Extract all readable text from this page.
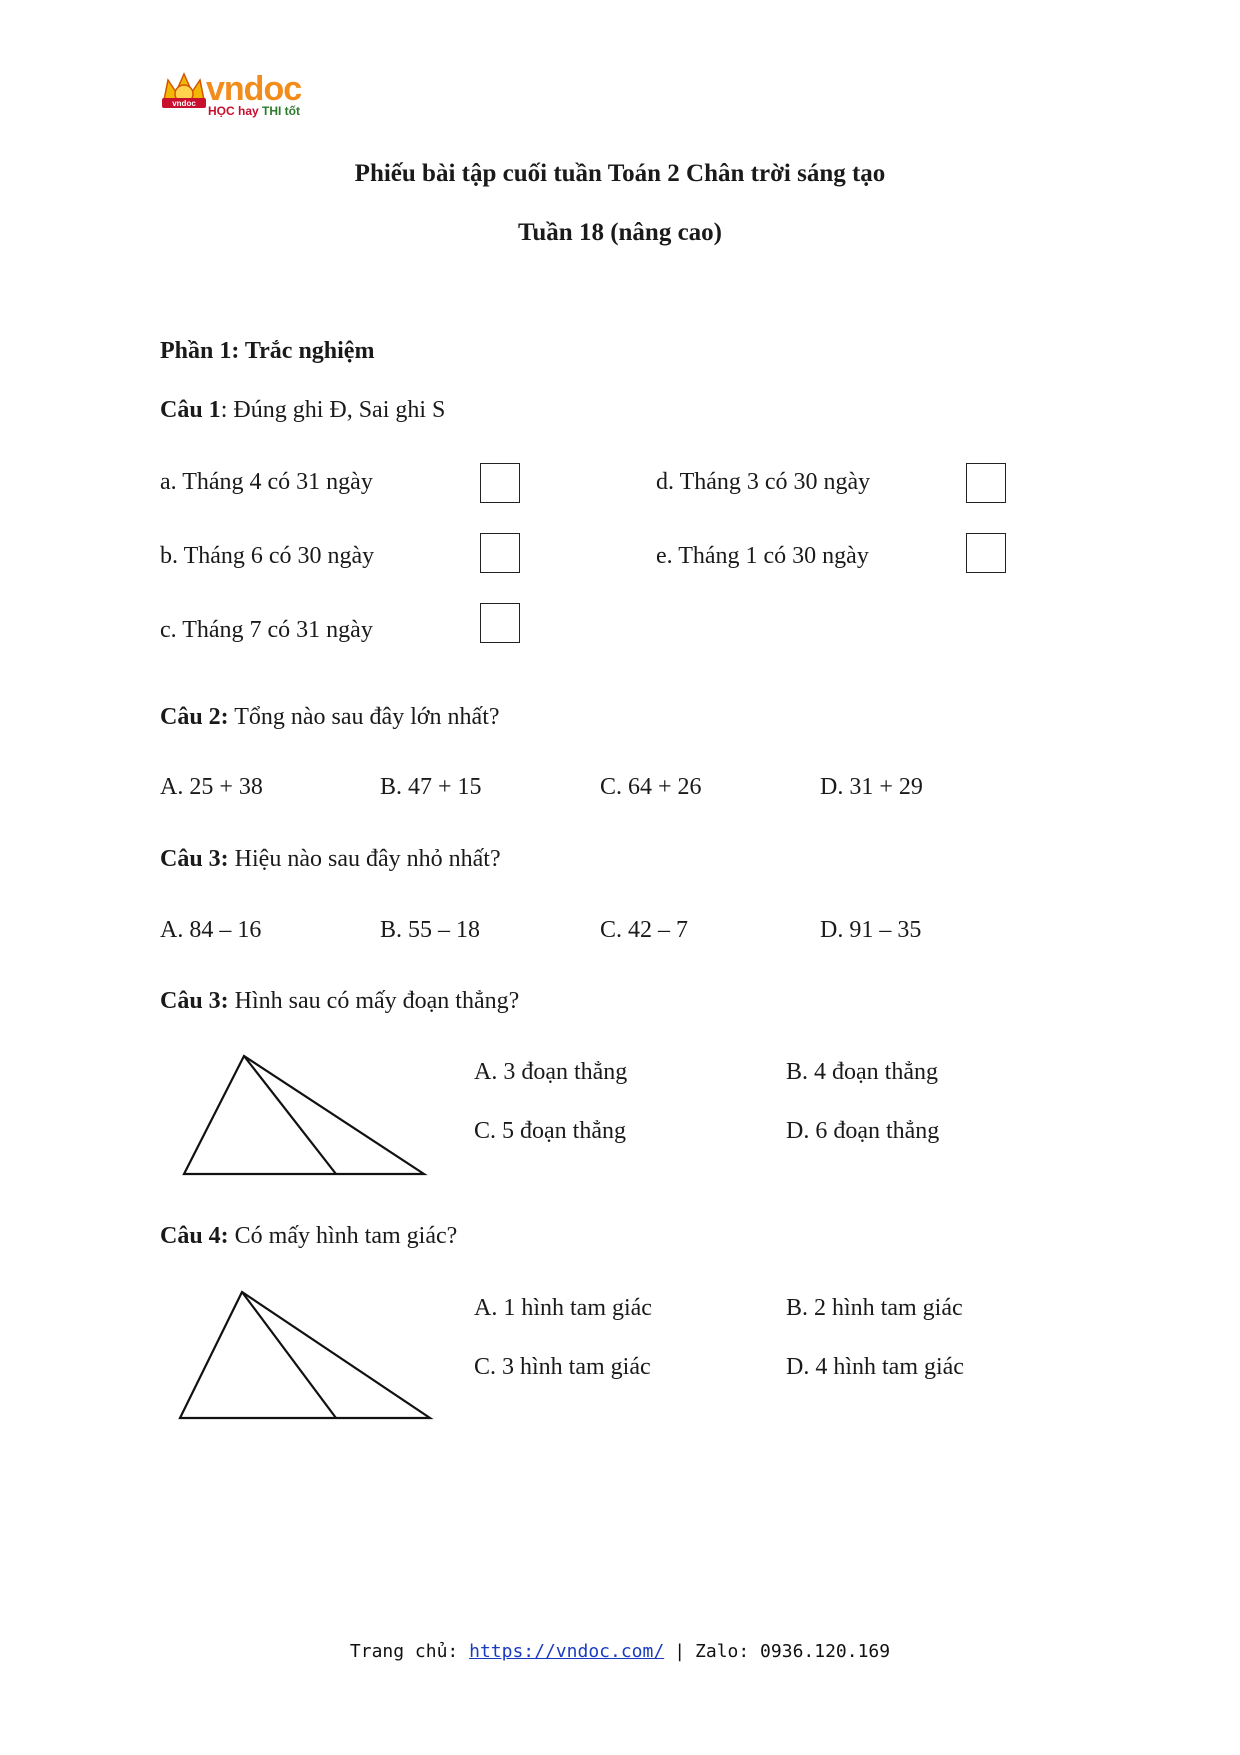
vndoc vndoc
HỌC hay THI tốt
Phiếu bài tập cuối tuần Toán 2 Chân trời sáng tạo
Tuần 18 (nâng cao)
Phần 1: Trắc nghiệm
Câu 1: Đúng ghi Đ, Sai ghi S
a. Tháng 4 có 31 ngày
b. Tháng 6 có 30 ngày
c. Tháng 7 có 31 ngày
d. Tháng 3 có 30 ngày
e. Tháng 1 có 30 ngày
Câu 2: Tổng nào sau đây lớn nhất?
A. 25 + 38	B. 47 + 15	C. 64 + 26	D. 31 + 29
Câu 3: Hiệu nào sau đây nhỏ nhất?
A. 84 – 16	B. 55 – 18	C. 42 – 7	D. 91 – 35
Câu 3: Hình sau có mấy đoạn thẳng?
A. 3 đoạn thẳng	B. 4 đoạn thẳng
C. 5 đoạn thẳng	D. 6 đoạn thẳng
Câu 4: Có mấy hình tam giác?
A. 1 hình tam giác	B. 2 hình tam giác
C. 3 hình tam giác	D. 4 hình tam giác
Trang chủ: https://vndoc.com/ | Zalo: 0936.120.169
